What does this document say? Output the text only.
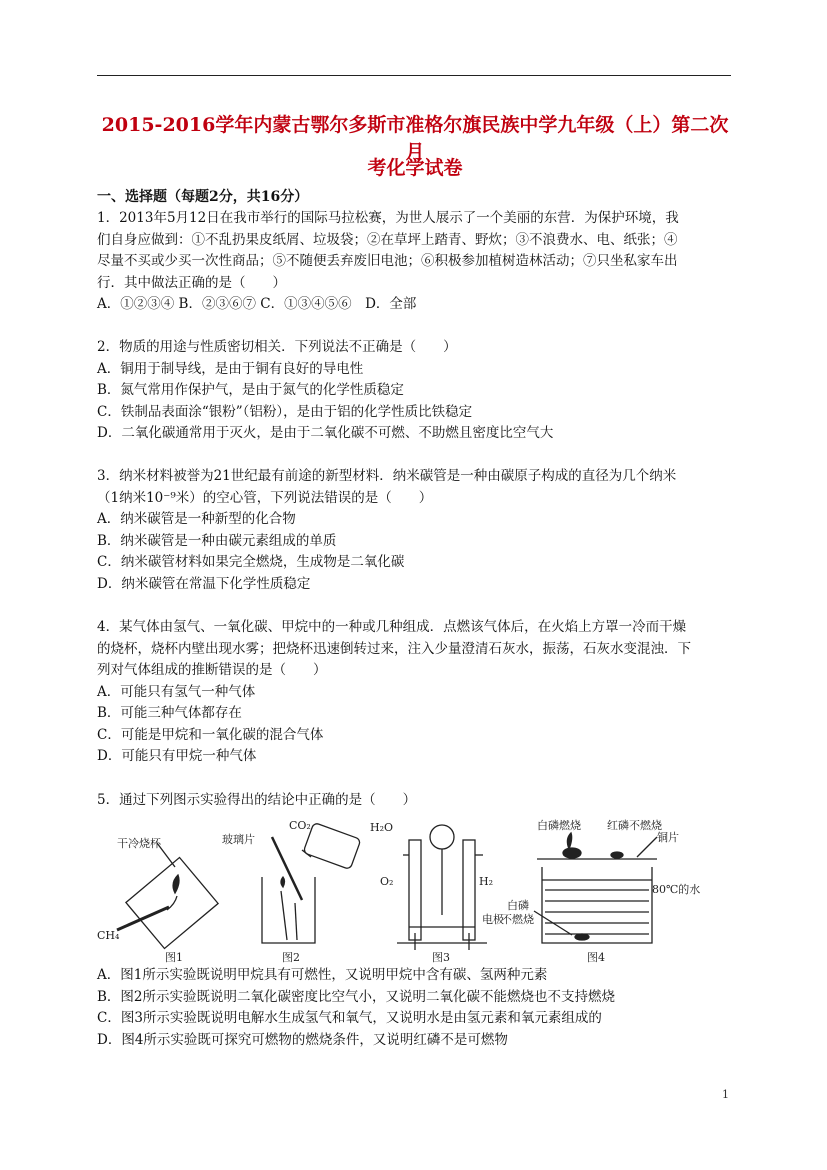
2015-2016学年内蒙古鄂尔多斯市准格尔旗民族中学九年级（上）第二次月
考化学试卷
一、选择题（每题2分，共16分）

1．2013年5月12日在我市举行的国际马拉松赛，为世人展示了一个美丽的东营．为保护环境，我

们自身应做到：①不乱扔果皮纸屑、垃圾袋；②在草坪上踏青、野炊；③不浪费水、电、纸张；④

尽量不买或少买一次性商品；⑤不随便丢弃废旧电池；⑥积极参加植树造林活动；⑦只坐私家车出

行．其中做法正确的是（　　）

A．①②③④ B．②③⑥⑦ C．①③④⑤⑥　D．全部

2．物质的用途与性质密切相关．下列说法不正确是（　　）

A．铜用于制导线，是由于铜有良好的导电性

B．氮气常用作保护气，是由于氮气的化学性质稳定

C．铁制品表面涂“银粉”（铝粉），是由于铝的化学性质比铁稳定

D．二氧化碳通常用于灭火，是由于二氧化碳不可燃、不助燃且密度比空气大

3．纳米材料被誉为21世纪最有前途的新型材料．纳米碳管是一种由碳原子构成的直径为几个纳米

（1纳米10⁻⁹米）的空心管，下列说法错误的是（　　）

A．纳米碳管是一种新型的化合物

B．纳米碳管是一种由碳元素组成的单质

C．纳米碳管材料如果完全燃烧，生成物是二氧化碳

D．纳米碳管在常温下化学性质稳定

4．某气体由氢气、一氧化碳、甲烷中的一种或几种组成．点燃该气体后，在火焰上方罩一冷而干燥

的烧杯，烧杯内壁出现水雾；把烧杯迅速倒转过来，注入少量澄清石灰水，振荡，石灰水变混浊．下

列对气体组成的推断错误的是（　　）

A．可能只有氢气一种气体

B．可能三种气体都存在

C．可能是甲烷和一氧化碳的混合气体

D．可能只有甲烷一种气体

5．通过下列图示实验得出的结论中正确的是（　　）
干冷烧杯
CH₄
图1
玻璃片
CO₂
图2
H₂O
O₂	H₂
电极
图3
白磷燃烧 红磷不燃烧
铜片
80℃的水
白磷
不燃烧
图4

A．图1所示实验既说明甲烷具有可燃性，又说明甲烷中含有碳、氢两种元素

B．图2所示实验既说明二氧化碳密度比空气小，又说明二氧化碳不能燃烧也不支持燃烧

C．图3所示实验既说明电解水生成氢气和氧气，又说明水是由氢元素和氧元素组成的

D．图4所示实验既可探究可燃物的燃烧条件，又说明红磷不是可燃物

1
